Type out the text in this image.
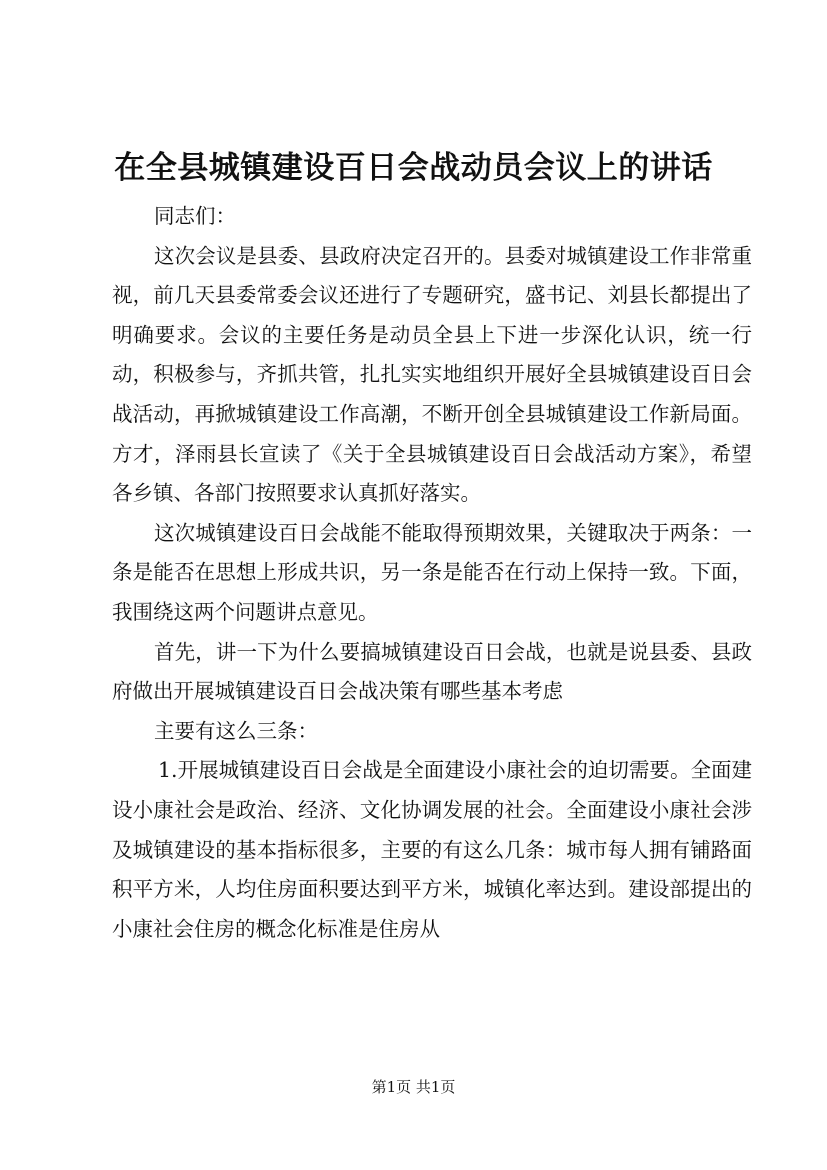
在全县城镇建设百日会战动员会议上的讲话

同志们：

这次会议是县委、县政府决定召开的。县委对城镇建设工作非常重视，前几天县委常委会议还进行了专题研究，盛书记、刘县长都提出了明确要求。会议的主要任务是动员全县上下进一步深化认识，统一行动，积极参与，齐抓共管，扎扎实实地组织开展好全县城镇建设百日会战活动，再掀城镇建设工作高潮，不断开创全县城镇建设工作新局面。方才，泽雨县长宣读了《关于全县城镇建设百日会战活动方案》，希望各乡镇、各部门按照要求认真抓好落实。

这次城镇建设百日会战能不能取得预期效果，关键取决于两条：一条是能否在思想上形成共识，另一条是能否在行动上保持一致。下面，我围绕这两个问题讲点意见。

首先，讲一下为什么要搞城镇建设百日会战，也就是说县委、县政府做出开展城镇建设百日会战决策有哪些基本考虑

主要有这么三条：

1.开展城镇建设百日会战是全面建设小康社会的迫切需要。全面建设小康社会是政治、经济、文化协调发展的社会。全面建设小康社会涉及城镇建设的基本指标很多，主要的有这么几条：城市每人拥有铺路面积平方米，人均住房面积要达到平方米，城镇化率达到。建设部提出的小康社会住房的概念化标准是住房从

第1页 共1页
